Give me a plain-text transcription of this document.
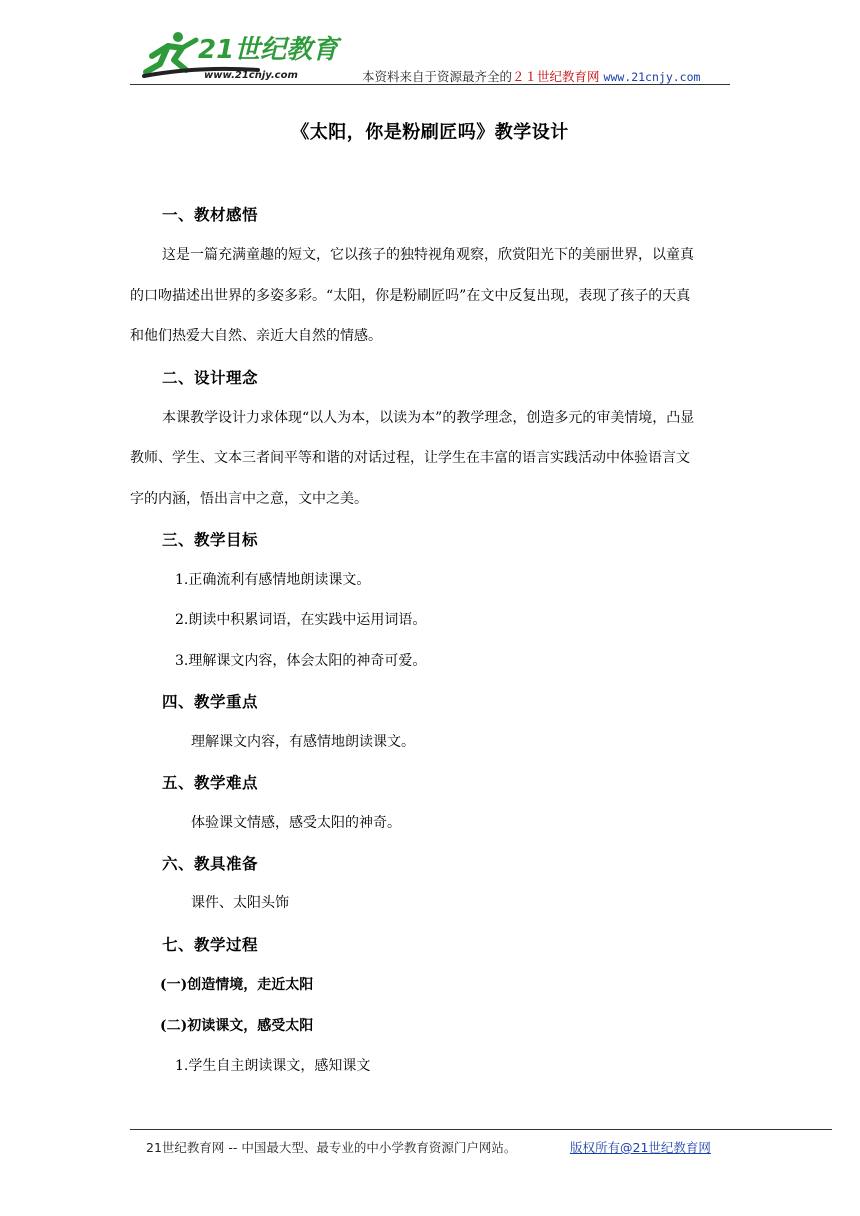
21世纪教育
www.21cnjy.com	本资料来自于资源最齐全的２１世纪教育网 www.21cnjy.com
《太阳，你是粉刷匠吗》教学设计
一、教材感悟
这是一篇充满童趣的短文，它以孩子的独特视角观察，欣赏阳光下的美丽世界，以童真
的口吻描述出世界的多姿多彩。“太阳，你是粉刷匠吗”在文中反复出现，表现了孩子的天真
和他们热爱大自然、亲近大自然的情感。
二、设计理念
本课教学设计力求体现“以人为本，以读为本”的教学理念，创造多元的审美情境，凸显
教师、学生、文本三者间平等和谐的对话过程，让学生在丰富的语言实践活动中体验语言文
字的内涵，悟出言中之意，文中之美。
三、教学目标
1.正确流利有感情地朗读课文。
2.朗读中积累词语，在实践中运用词语。
3.理解课文内容，体会太阳的神奇可爱。
四、教学重点
理解课文内容，有感情地朗读课文。
五、教学难点
体验课文情感，感受太阳的神奇。
六、教具准备
课件、太阳头饰
七、教学过程
(一)创造情境，走近太阳
(二)初读课文，感受太阳
1.学生自主朗读课文，感知课文
21世纪教育网 -- 中国最大型、最专业的中小学教育资源门户网站。	版权所有@21世纪教育网
